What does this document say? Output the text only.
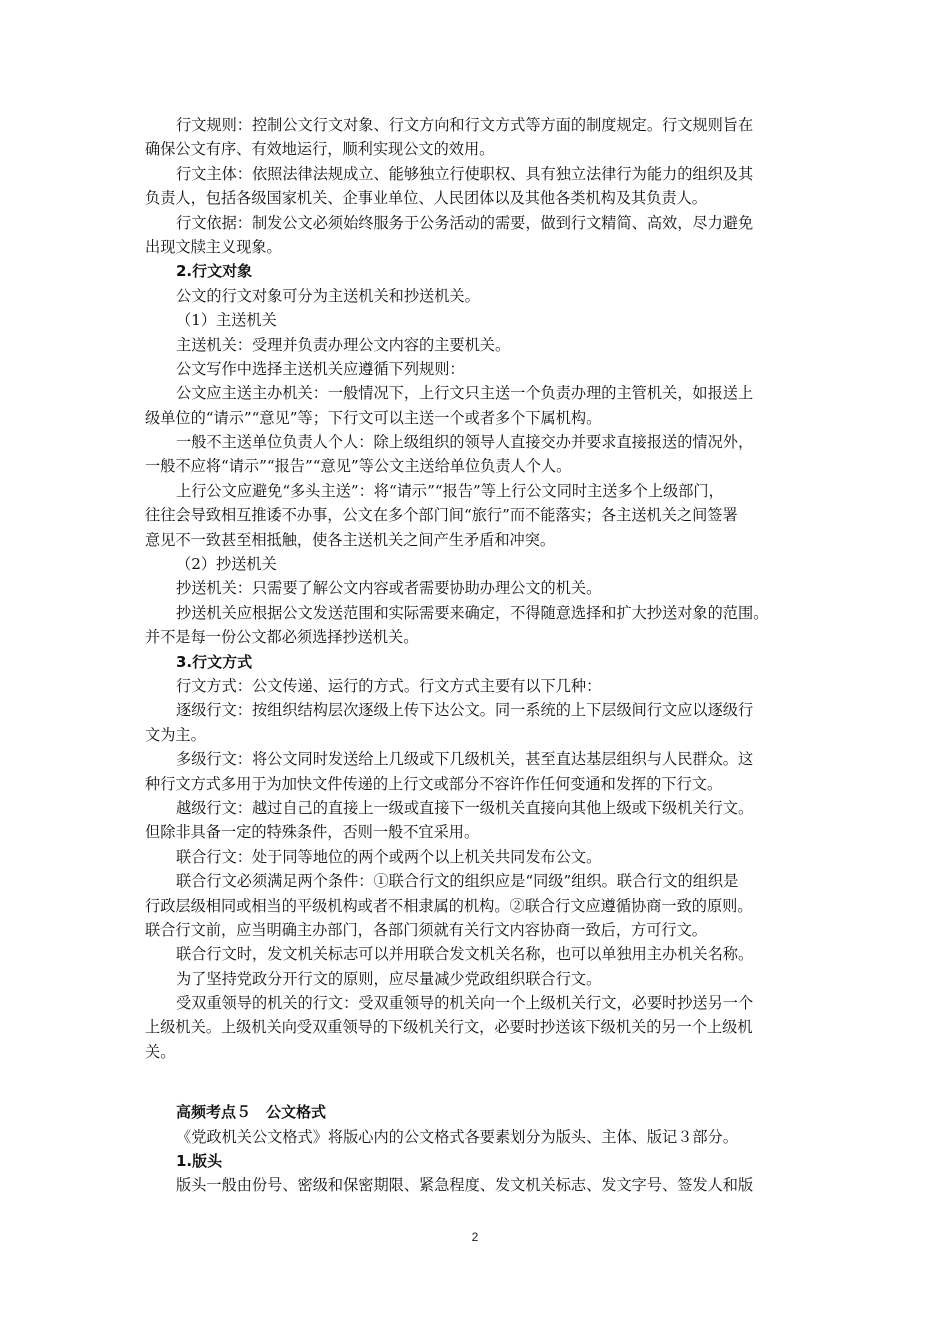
行文规则：控制公文行文对象、行文方向和行文方式等方面的制度规定。行文规则旨在
确保公文有序、有效地运行，顺利实现公文的效用。
行文主体：依照法律法规成立、能够独立行使职权、具有独立法律行为能力的组织及其
负责人，包括各级国家机关、企事业单位、人民团体以及其他各类机构及其负责人。
行文依据：制发公文必须始终服务于公务活动的需要，做到行文精简、高效，尽力避免
出现文牍主义现象。
2.行文对象
公文的行文对象可分为主送机关和抄送机关。
（1）主送机关
主送机关：受理并负责办理公文内容的主要机关。
公文写作中选择主送机关应遵循下列规则：
公文应主送主办机关：一般情况下，上行文只主送一个负责办理的主管机关，如报送上
级单位的“请示”“意见”等；下行文可以主送一个或者多个下属机构。
一般不主送单位负责人个人：除上级组织的领导人直接交办并要求直接报送的情况外，
一般不应将“请示”“报告”“意见”等公文主送给单位负责人个人。
上行公文应避免“多头主送”：将“请示”“报告”等上行公文同时主送多个上级部门，
往往会导致相互推诿不办事，公文在多个部门间“旅行”而不能落实；各主送机关之间签署
意见不一致甚至相抵触，使各主送机关之间产生矛盾和冲突。
（2）抄送机关
抄送机关：只需要了解公文内容或者需要协助办理公文的机关。
抄送机关应根据公文发送范围和实际需要来确定，不得随意选择和扩大抄送对象的范围。
并不是每一份公文都必须选择抄送机关。
3.行文方式
行文方式：公文传递、运行的方式。行文方式主要有以下几种：
逐级行文：按组织结构层次逐级上传下达公文。同一系统的上下层级间行文应以逐级行
文为主。
多级行文：将公文同时发送给上几级或下几级机关，甚至直达基层组织与人民群众。这
种行文方式多用于为加快文件传递的上行文或部分不容许作任何变通和发挥的下行文。
越级行文：越过自己的直接上一级或直接下一级机关直接向其他上级或下级机关行文。
但除非具备一定的特殊条件，否则一般不宜采用。
联合行文：处于同等地位的两个或两个以上机关共同发布公文。
联合行文必须满足两个条件：①联合行文的组织应是“同级”组织。联合行文的组织是
行政层级相同或相当的平级机构或者不相隶属的机构。②联合行文应遵循协商一致的原则。
联合行文前，应当明确主办部门，各部门须就有关行文内容协商一致后，方可行文。
联合行文时，发文机关标志可以并用联合发文机关名称，也可以单独用主办机关名称。
为了坚持党政分开行文的原则，应尽量减少党政组织联合行文。
受双重领导的机关的行文：受双重领导的机关向一个上级机关行文，必要时抄送另一个
上级机关。上级机关向受双重领导的下级机关行文，必要时抄送该下级机关的另一个上级机
关。
高频考点５　公文格式
《党政机关公文格式》将版心内的公文格式各要素划分为版头、主体、版记３部分。
1.版头
版头一般由份号、密级和保密期限、紧急程度、发文机关标志、发文字号、签发人和版
2
